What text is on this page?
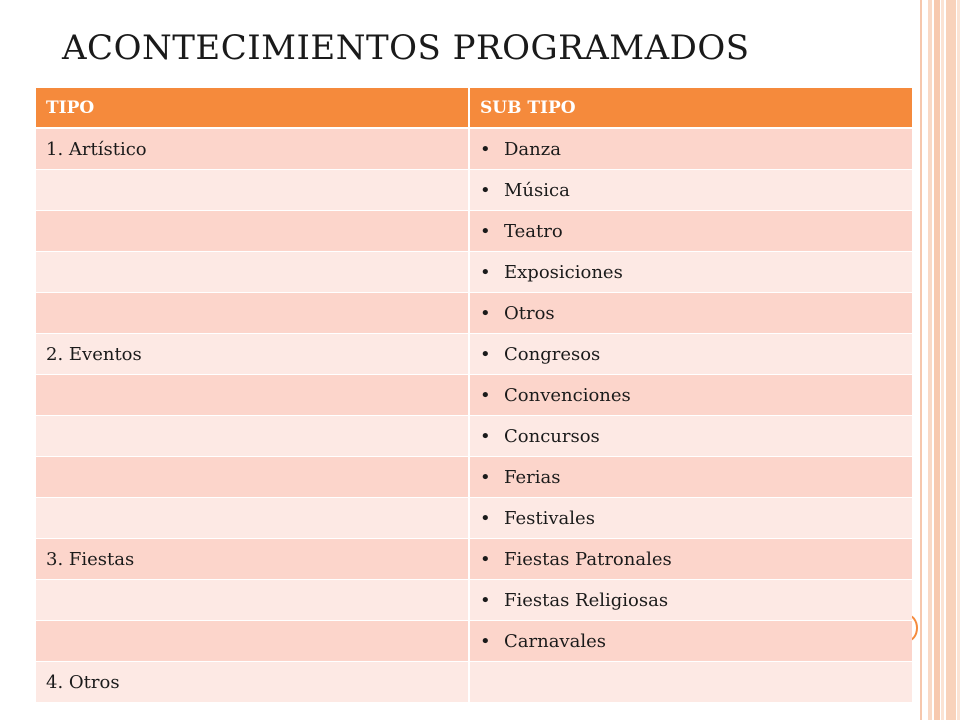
ACONTECIMIENTOS PROGRAMADOS
TIPO	SUB TIPO
1. Artístico	• Danza
	• Música
	• Teatro
	• Exposiciones
	• Otros
2. Eventos	• Congresos
	• Convenciones
	• Concursos
	• Ferias
	• Festivales
3. Fiestas	• Fiestas Patronales
	• Fiestas Religiosas
	• Carnavales
4. Otros	
